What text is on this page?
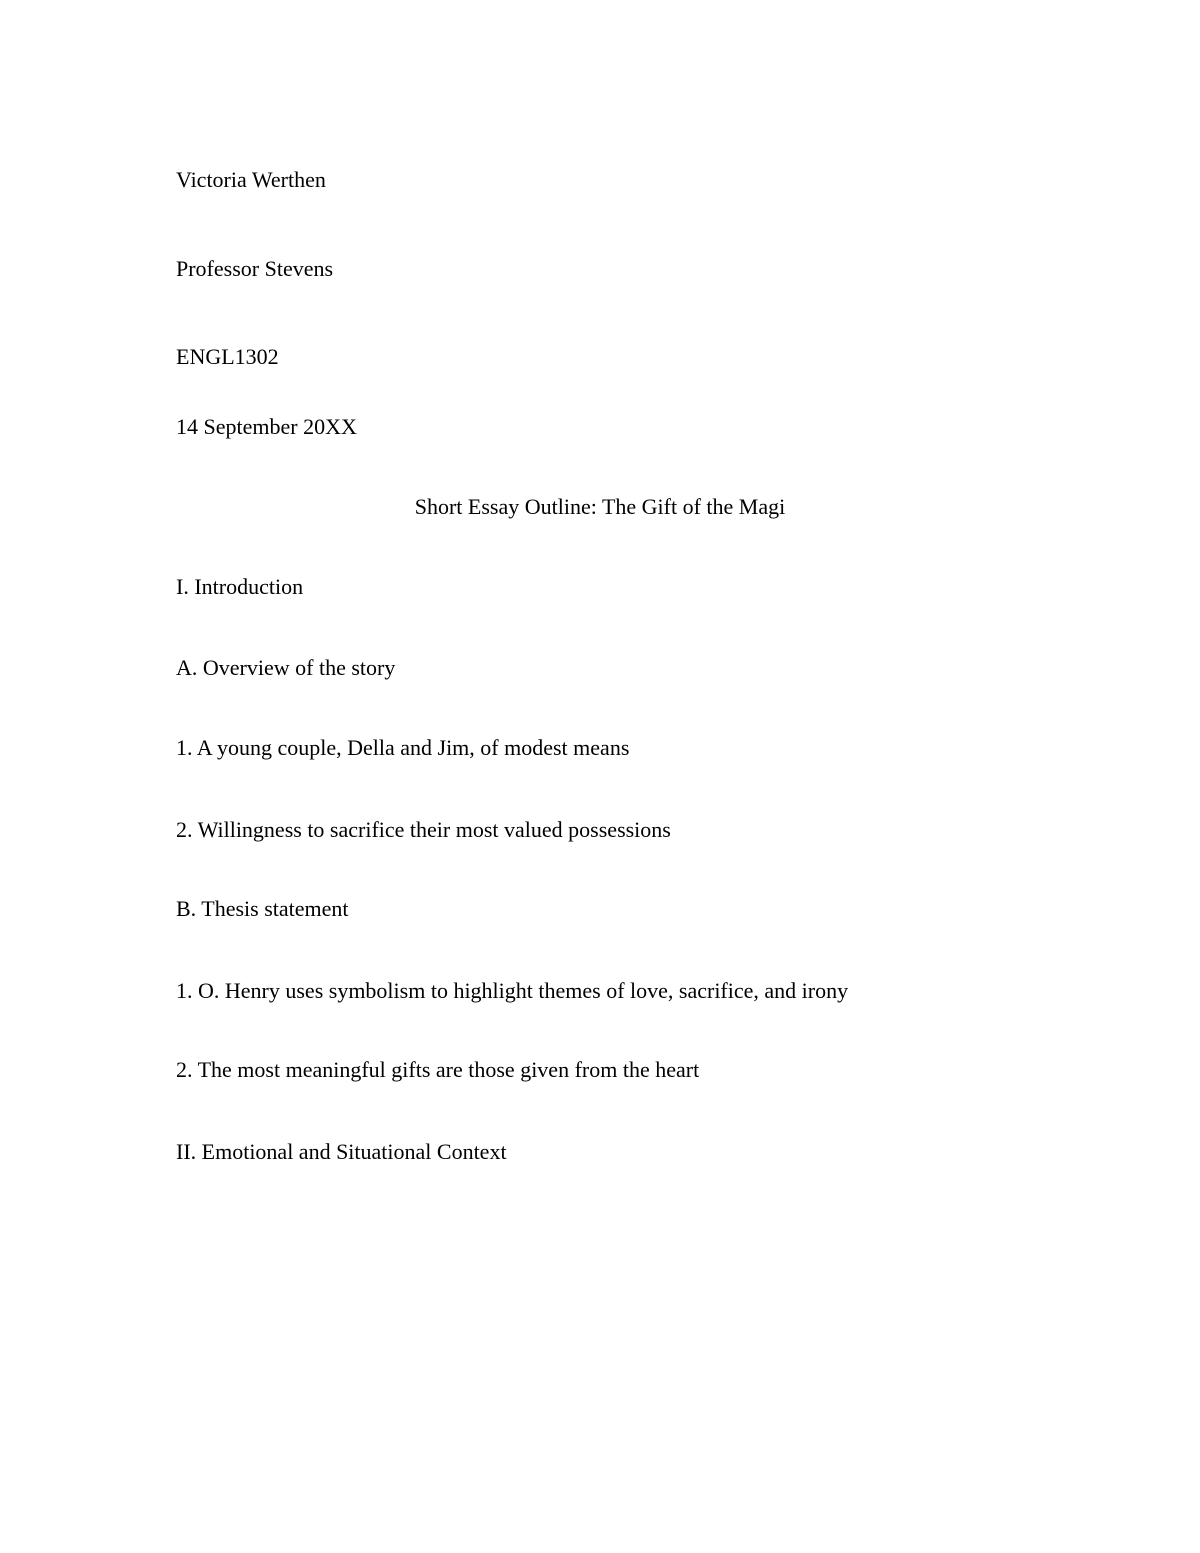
Victoria Werthen
Professor Stevens
ENGL1302
14 September 20XX
Short Essay Outline: The Gift of the Magi
I. Introduction
A. Overview of the story
1. A young couple, Della and Jim, of modest means
2. Willingness to sacrifice their most valued possessions
B. Thesis statement
1. O. Henry uses symbolism to highlight themes of love, sacrifice, and irony
2. The most meaningful gifts are those given from the heart
II. Emotional and Situational Context
